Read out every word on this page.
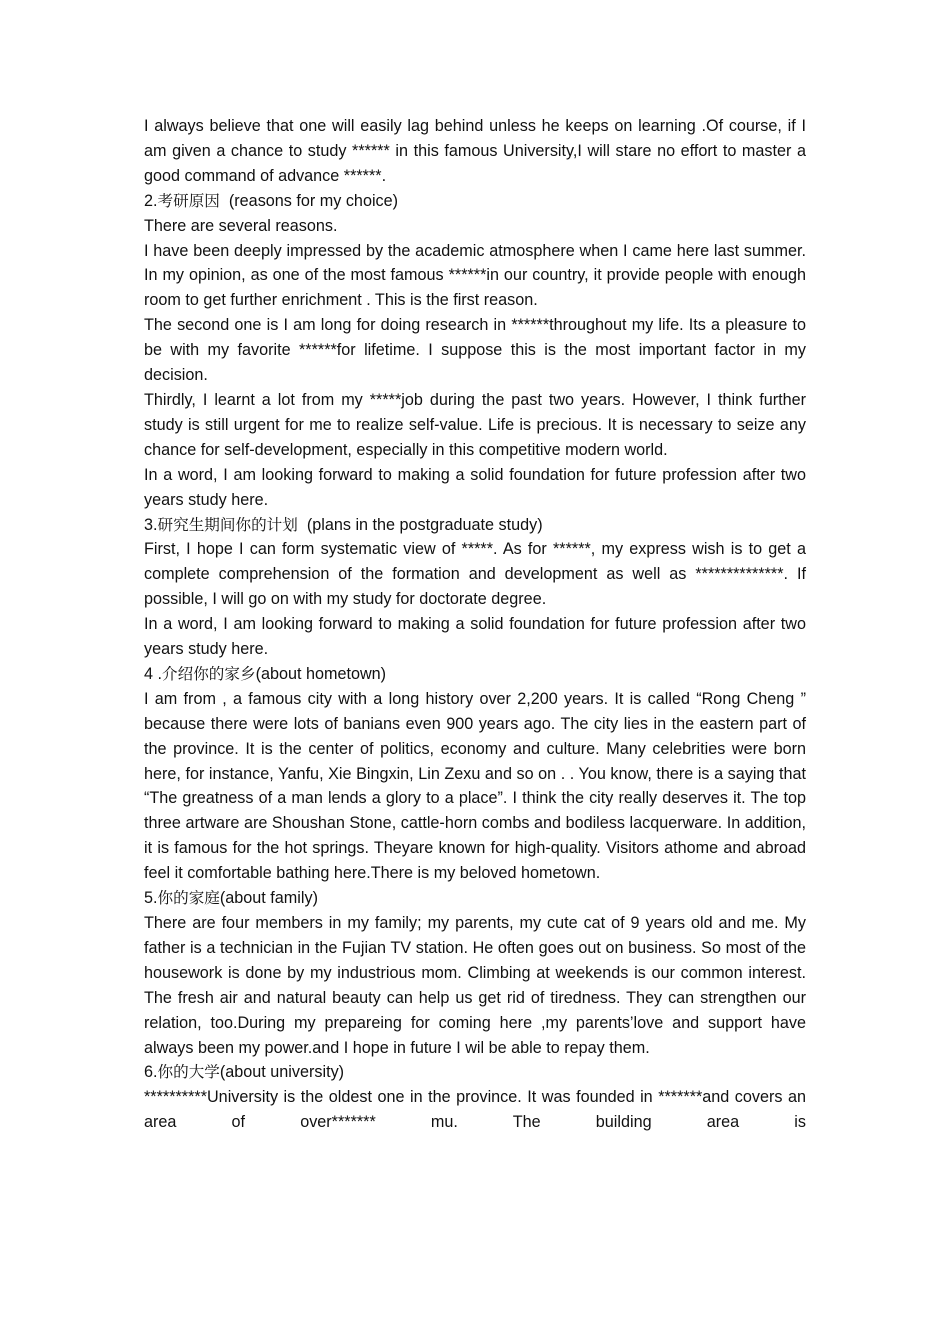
I always believe that one will easily lag behind unless he keeps on learning .Of course, if I am given a chance to study ****** in this famous University,I will stare no effort to master a good command of advance ******.

2.考研原因  (reasons for my choice)

There are several reasons.

I have been deeply impressed by the academic atmosphere when I came here last summer. In my opinion, as one of the most famous ******in our country, it provide people with enough room to get further enrichment . This is the first reason.

The second one is I am long for doing research in ******throughout my life. Its a pleasure to be with my favorite ******for lifetime. I suppose this is the most important factor in my decision.

Thirdly, I learnt a lot from my *****job during the past two years. However, I think further study is still urgent for me to realize self-value. Life is precious. It is necessary to seize any chance for self-development, especially in this competitive modern world.

In a word, I am looking forward to making a solid foundation for future profession after two years study here.

3.研究生期间你的计划  (plans in the postgraduate study)

First, I hope I can form systematic view of *****. As for ******, my express wish is to get a complete comprehension of the formation and development as well as **************. If possible, I will go on with my study for doctorate degree.

In a word, I am looking forward to making a solid foundation for future profession after two years study here.

4 .介绍你的家乡(about hometown)

I am from , a famous city with a long history over 2,200 years. It is called “Rong Cheng ” because there were lots of banians even 900 years ago. The city lies in the eastern part of the province. It is the center of politics, economy and culture. Many celebrities were born here, for instance, Yanfu, Xie Bingxin, Lin Zexu and so on . . You know, there is a saying that “The greatness of a man lends a glory to a place”. I think the city really deserves it. The top three artware are Shoushan Stone, cattle-horn combs and bodiless lacquerware. In addition, it is famous for the hot springs. Theyare known for high-quality. Visitors athome and abroad feel it comfortable bathing here.There is my beloved hometown.

5.你的家庭(about family)

There are four members in my family; my parents, my cute cat of 9 years old and me. My father is a technician in the Fujian TV station. He often goes out on business. So most of the housework is done by my industrious mom. Climbing at weekends is our common interest. The fresh air and natural beauty can help us get rid of tiredness. They can strengthen our relation, too.During my prepareing for coming here ,my parents’love and support have always been my power.and I hope in future I wil be able to repay them.

6.你的大学(about university)

**********University is the oldest one in the province. It was founded in *******and covers an area of over******* mu. The building area is
